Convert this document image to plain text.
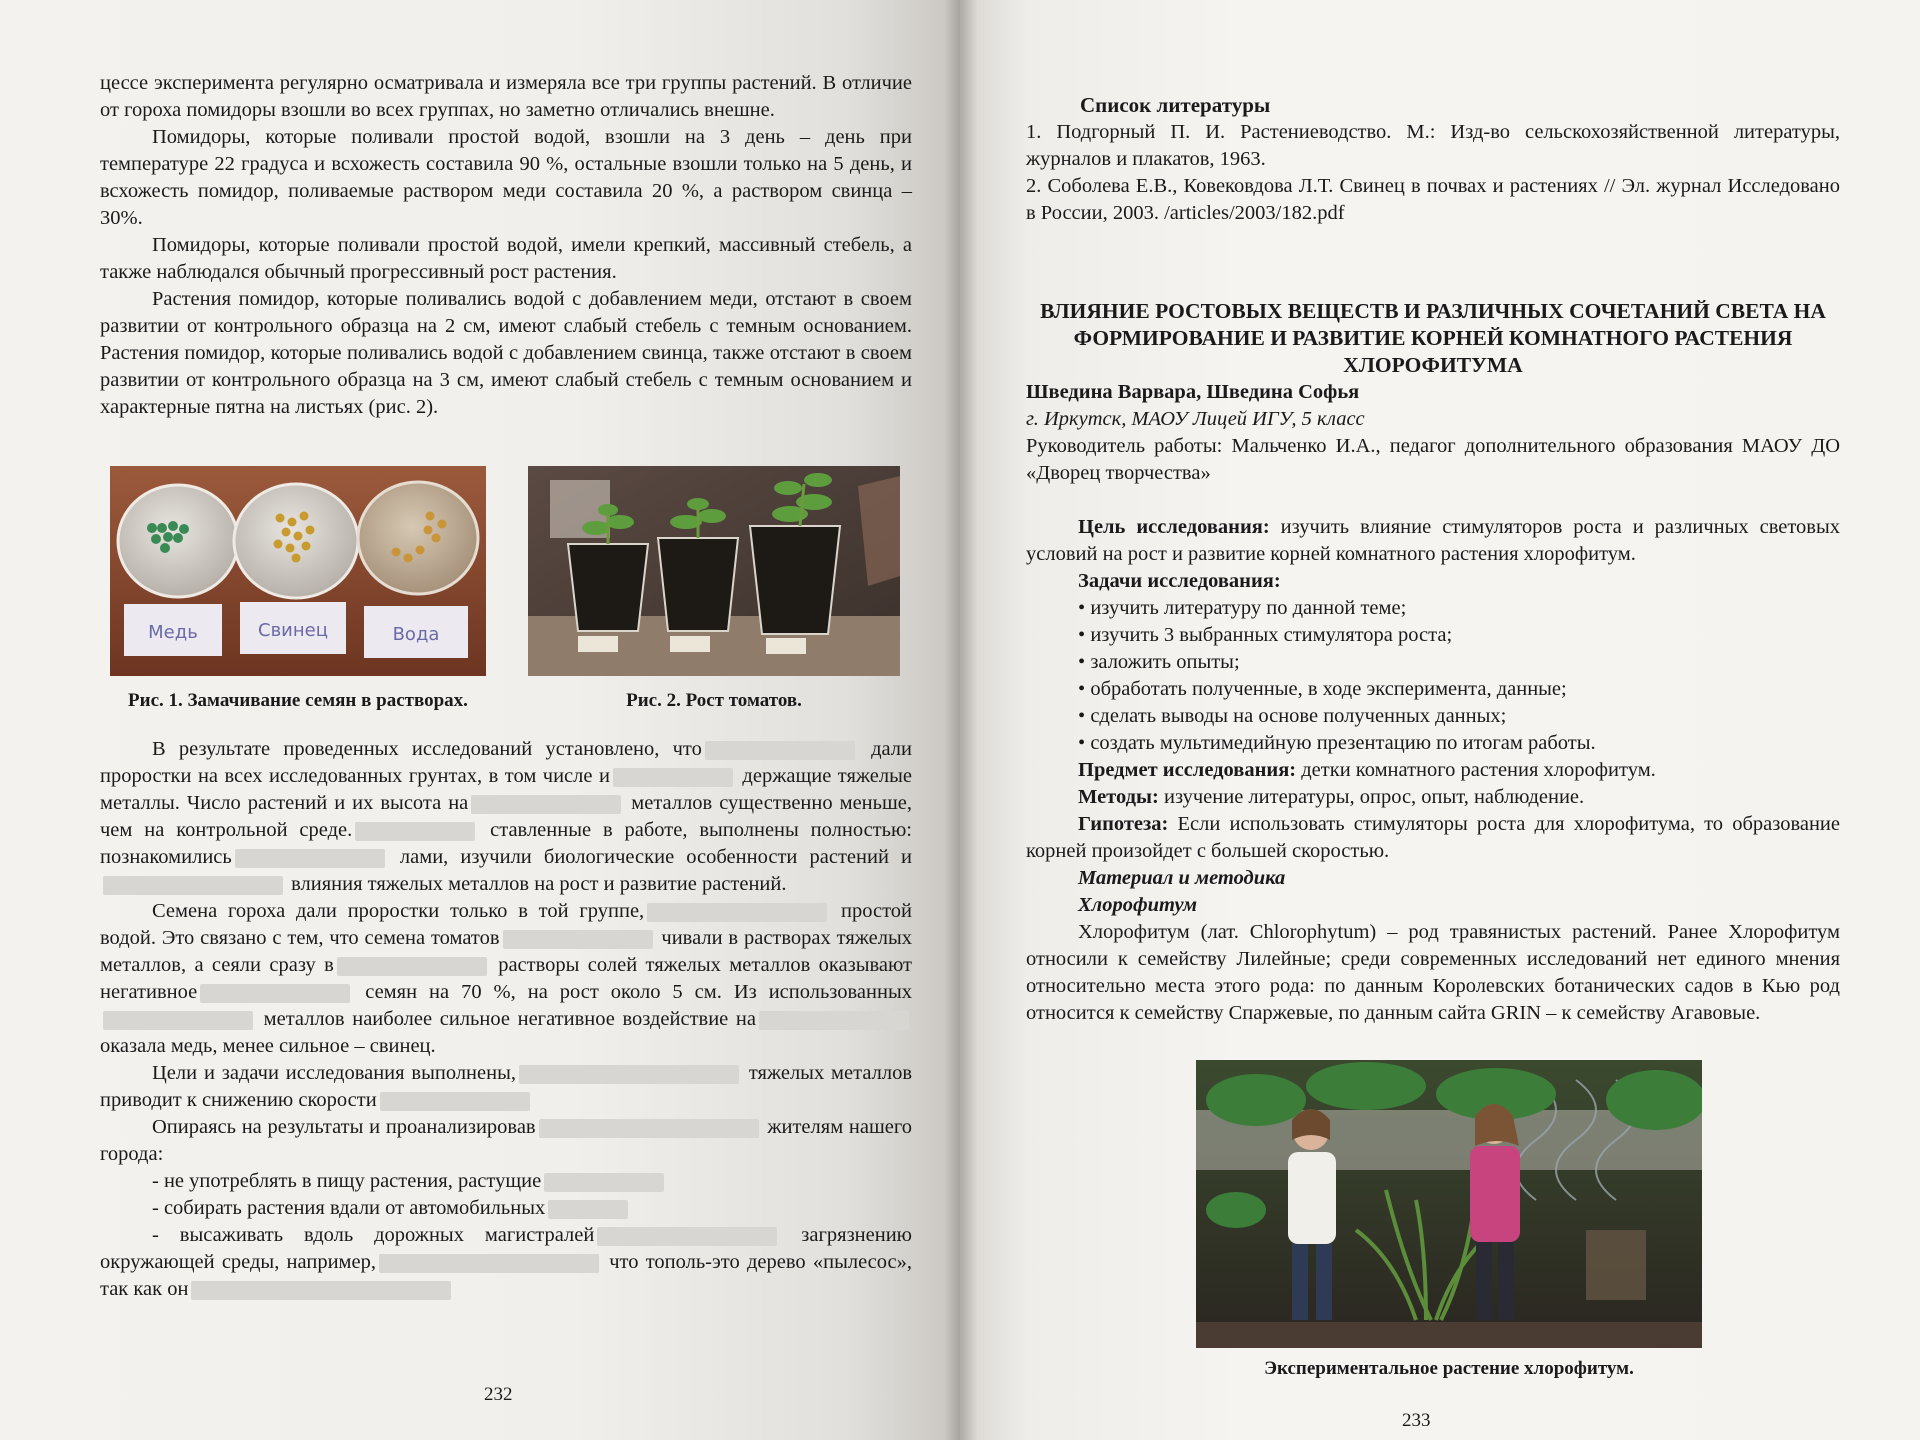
цессе эксперимента регулярно осматривала и измеряла все три группы растений. В отличие от гороха помидоры взошли во всех группах, но заметно отличались внешне.

Помидоры, которые поливали простой водой, взошли на 3 день – день при температуре 22 градуса и всхожесть составила 90 %, остальные взошли только на 5 день, и всхожесть помидор, поливаемые раствором меди составила 20 %, а раствором свинца – 30%.

Помидоры, которые поливали простой водой, имели крепкий, массивный стебель, а также наблюдался обычный прогрессивный рост растения.

Растения помидор, которые поливались водой с добавлением меди, отстают в своем развитии от контрольного образца на 2 см, имеют слабый стебель с темным основанием. Растения помидор, которые поливались водой с добавлением свинца, также отстают в своем развитии от контрольного образца на 3 см, имеют слабый стебель с темным основанием и характерные пятна на листьях (рис. 2).

Медь	Свинец	Вода
Рис. 1. Замачивание семян в растворах.	Рис. 2. Рост томатов.

В результате проведенных исследований установлено, что	дали проростки на всех исследованных грунтах, в том числе и	держащие тяжелые металлы. Число растений и их высота на	металлов существенно меньше, чем на контрольной среде.	ставленные в работе, выполнены полностью: познакомились	лами, изучили биологические особенности растений и влияния тяжелых металлов на рост и развитие растений.

Семена гороха дали проростки только в той группе,	простой водой. Это связано с тем, что семена томатов	чивали в растворах тяжелых металлов, а сеяли сразу в	растворы солей тяжелых металлов оказывают негативное	семян на 70 %, на рост около 5 см. Из использованных металлов наиболее сильное негативное воздействие на оказала медь, менее сильное – свинец.

Цели и задачи исследования выполнены,	тяжелых металлов приводит к снижению скорости

Опираясь на результаты и проанализировав	жителям нашего города:

- не употреблять в пищу растения, растущие

- собирать растения вдали от автомобильных

- высаживать вдоль дорожных магистралей	загрязнению окружающей среды, например,	что тополь-это дерево «пылесос», так как он

232

Список литературы

1. Подгорный П. И. Растениеводство. М.: Изд-во сельскохозяйственной литературы, журналов и плакатов, 1963.

2. Соболева Е.В., Ковековдова Л.Т. Свинец в почвах и растениях // Эл. журнал Исследовано в России, 2003. /articles/2003/182.pdf

ВЛИЯНИЕ РОСТОВЫХ ВЕЩЕСТВ И РАЗЛИЧНЫХ СОЧЕТАНИЙ СВЕТА НА ФОРМИРОВАНИЕ И РАЗВИТИЕ КОРНЕЙ КОМНАТНОГО РАСТЕНИЯ ХЛОРОФИТУМА

Шведина Варвара, Шведина Софья

г. Иркутск, МАОУ Лицей ИГУ, 5 класс

Руководитель работы: Мальченко И.А., педагог дополнительного образования МАОУ ДО «Дворец творчества»

Цель исследования: изучить влияние стимуляторов роста и различных световых условий на рост и развитие корней комнатного растения хлорофитум.

Задачи исследования:

• изучить литературу по данной теме;
• изучить 3 выбранных стимулятора роста;
• заложить опыты;
• обработать полученные, в ходе эксперимента, данные;
• сделать выводы на основе полученных данных;
• создать мультимедийную презентацию по итогам работы.

Предмет исследования: детки комнатного растения хлорофитум.

Методы: изучение литературы, опрос, опыт, наблюдение.

Гипотеза: Если использовать стимуляторы роста для хлорофитума, то образование корней произойдет с большей скоростью.

Материал и методика

Хлорофитум

Хлорофитум (лат. Chlorophytum) – род травянистых растений. Ранее Хлорофитум относили к семейству Лилейные; среди современных исследований нет единого мнения относительно места этого рода: по данным Королевских ботанических садов в Кью род относится к семейству Спаржевые, по данным сайта GRIN – к семейству Агавовые.

Экспериментальное растение хлорофитум.
233
